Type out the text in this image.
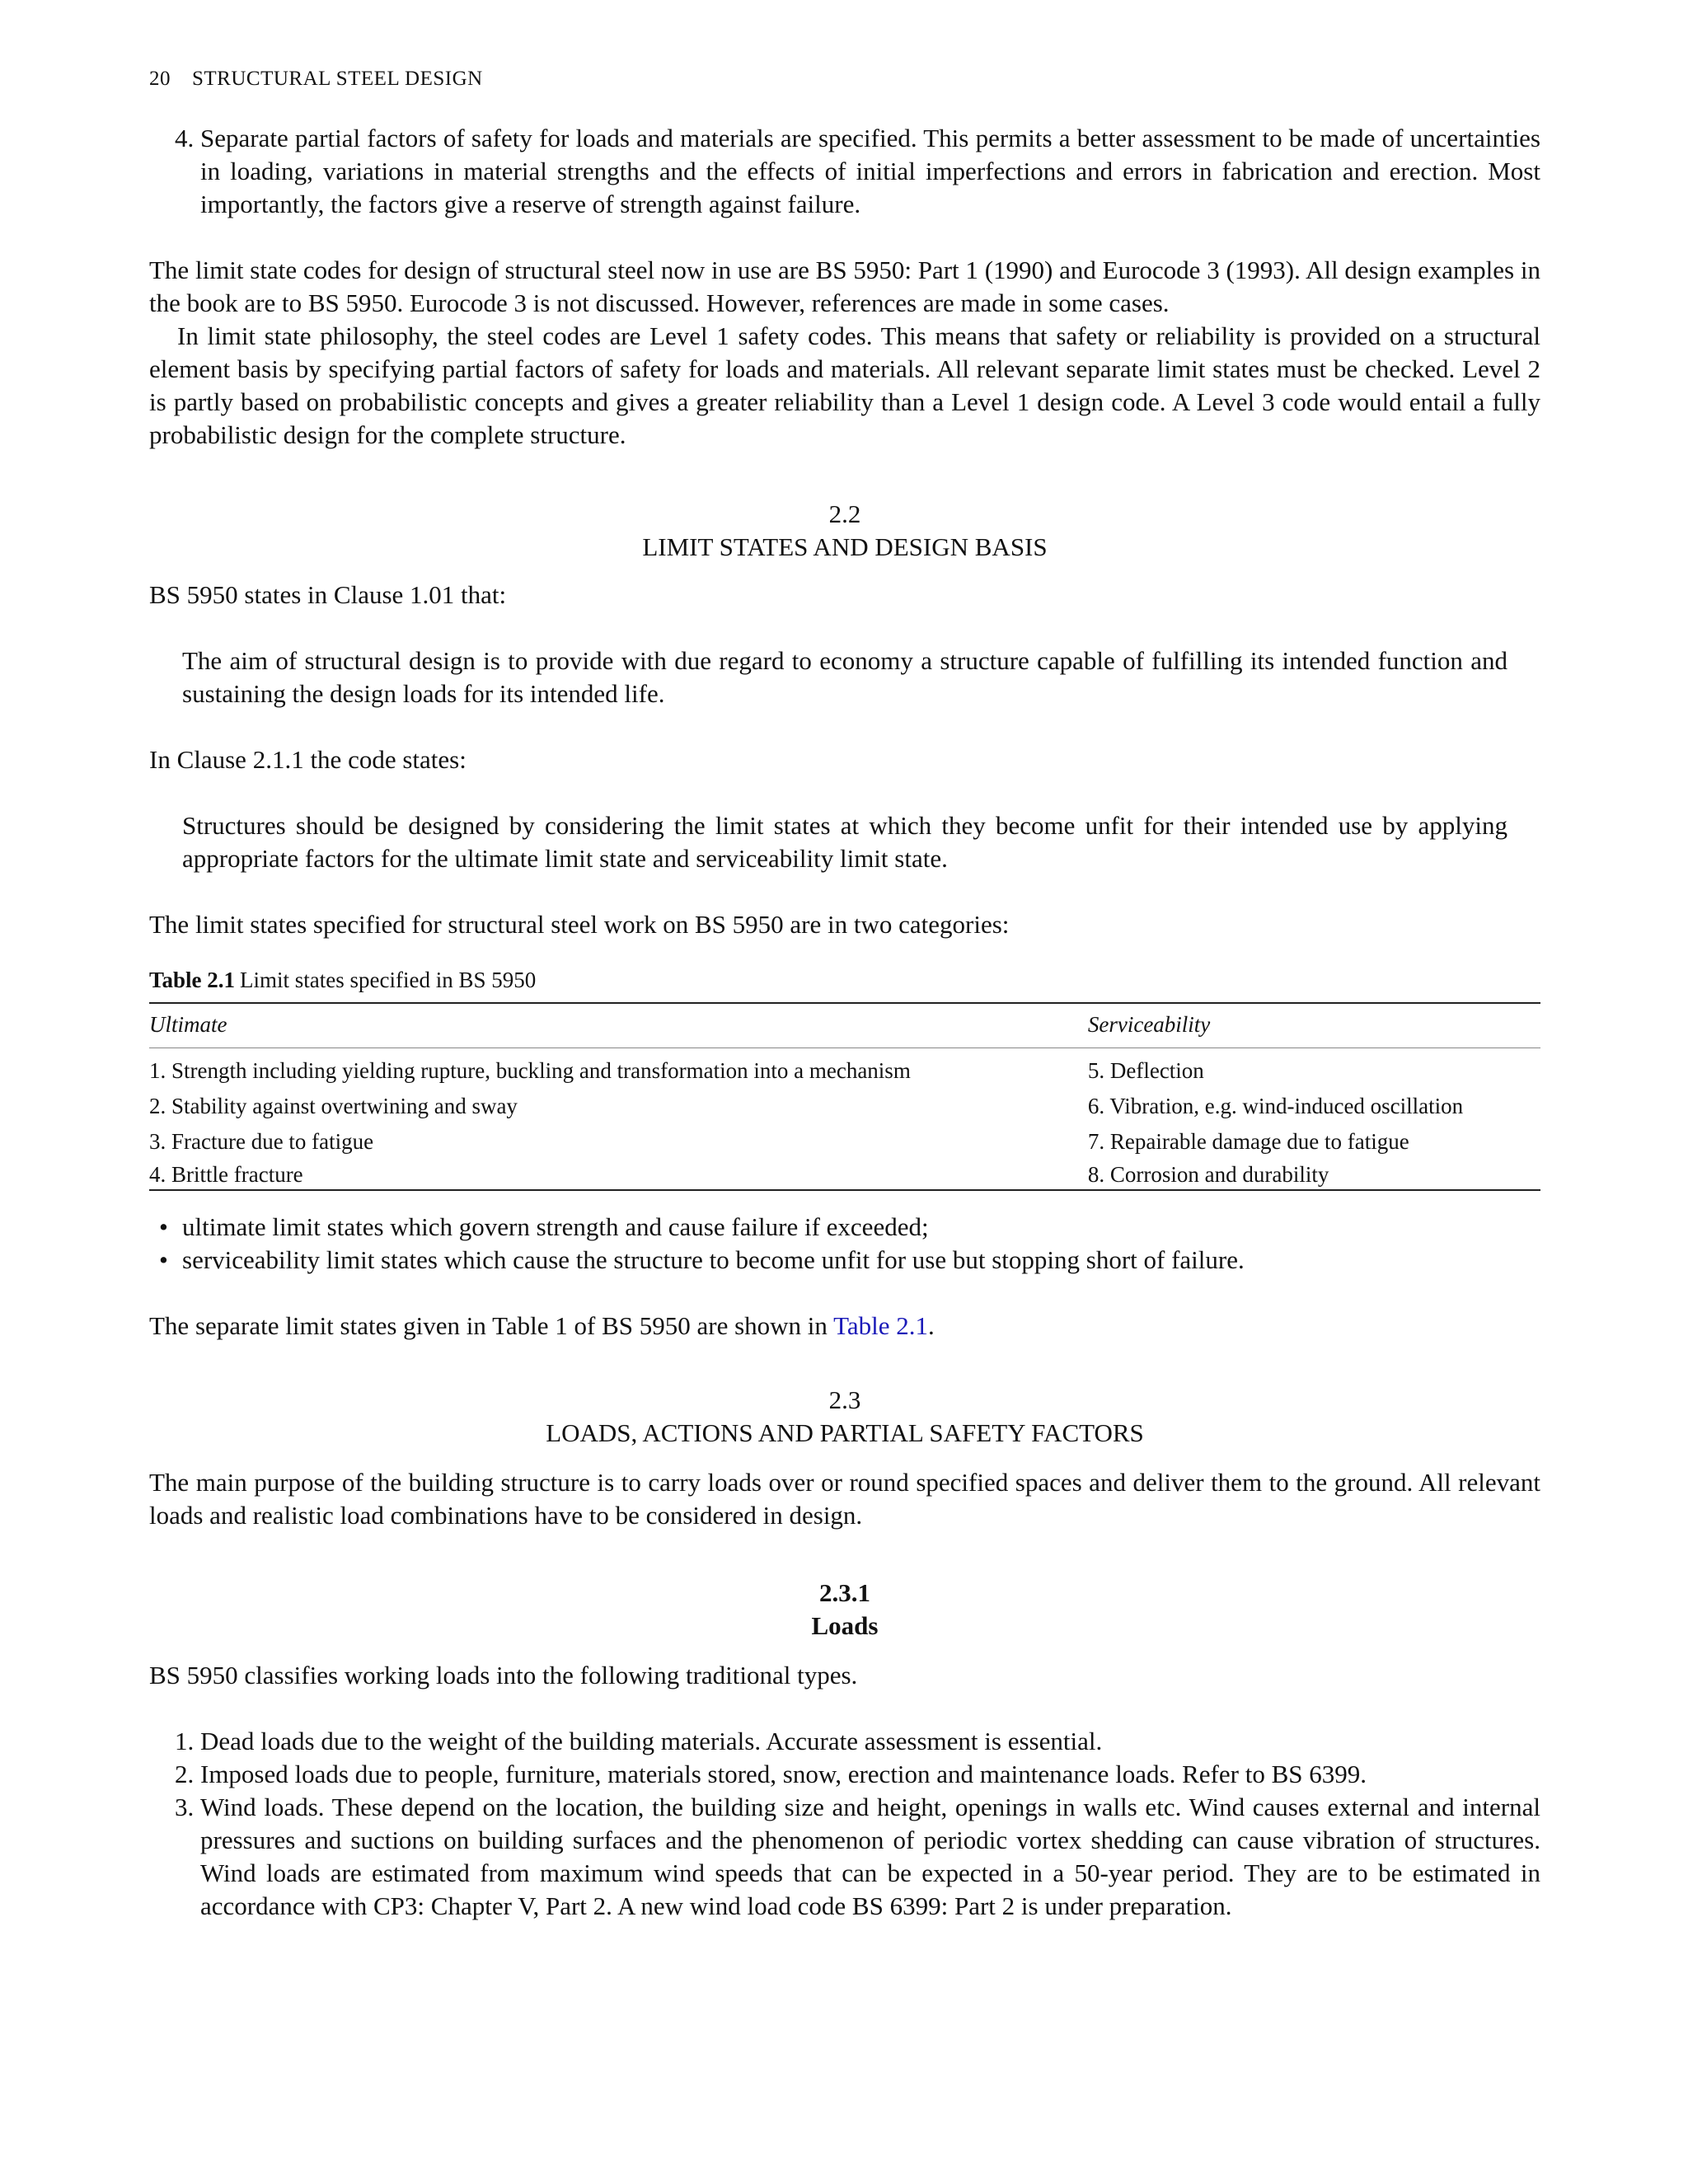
20 STRUCTURAL STEEL DESIGN
4. Separate partial factors of safety for loads and materials are specified. This permits a better assessment to be made of uncertainties in loading, variations in material strengths and the effects of initial imperfections and errors in fabrication and erection. Most importantly, the factors give a reserve of strength against failure.

The limit state codes for design of structural steel now in use are BS 5950: Part 1 (1990) and Eurocode 3 (1993). All design examples in the book are to BS 5950. Eurocode 3 is not discussed. However, references are made in some cases.

In limit state philosophy, the steel codes are Level 1 safety codes. This means that safety or reliability is provided on a structural element basis by specifying partial factors of safety for loads and materials. All relevant separate limit states must be checked. Level 2 is partly based on probabilistic concepts and gives a greater reliability than a Level 1 design code. A Level 3 code would entail a fully probabilistic design for the complete structure.

2.2
LIMIT STATES AND DESIGN BASIS

BS 5950 states in Clause 1.01 that:

The aim of structural design is to provide with due regard to economy a structure capable of fulfilling its intended function and sustaining the design loads for its intended life.

In Clause 2.1.1 the code states:

Structures should be designed by considering the limit states at which they become unfit for their intended use by applying appropriate factors for the ultimate limit state and serviceability limit state.

The limit states specified for structural steel work on BS 5950 are in two categories:

Table 2.1 Limit states specified in BS 5950
Ultimate	Serviceability
1. Strength including yielding rupture, buckling and transformation into a mechanism	5. Deflection
2. Stability against overtwining and sway	6. Vibration, e.g. wind-induced oscillation
3. Fracture due to fatigue	7. Repairable damage due to fatigue
4. Brittle fracture	8. Corrosion and durability
• ultimate limit states which govern strength and cause failure if exceeded;
• serviceability limit states which cause the structure to become unfit for use but stopping short of failure.

The separate limit states given in Table 1 of BS 5950 are shown in Table 2.1.

2.3
LOADS, ACTIONS AND PARTIAL SAFETY FACTORS

The main purpose of the building structure is to carry loads over or round specified spaces and deliver them to the ground. All relevant loads and realistic load combinations have to be considered in design.

2.3.1
Loads

BS 5950 classifies working loads into the following traditional types.

1. Dead loads due to the weight of the building materials. Accurate assessment is essential.
2. Imposed loads due to people, furniture, materials stored, snow, erection and maintenance loads. Refer to BS 6399.
3. Wind loads. These depend on the location, the building size and height, openings in walls etc. Wind causes external and internal pressures and suctions on building surfaces and the phenomenon of periodic vortex shedding can cause vibration of structures. Wind loads are estimated from maximum wind speeds that can be expected in a 50-year period. They are to be estimated in accordance with CP3: Chapter V, Part 2. A new wind load code BS 6399: Part 2 is under preparation.
